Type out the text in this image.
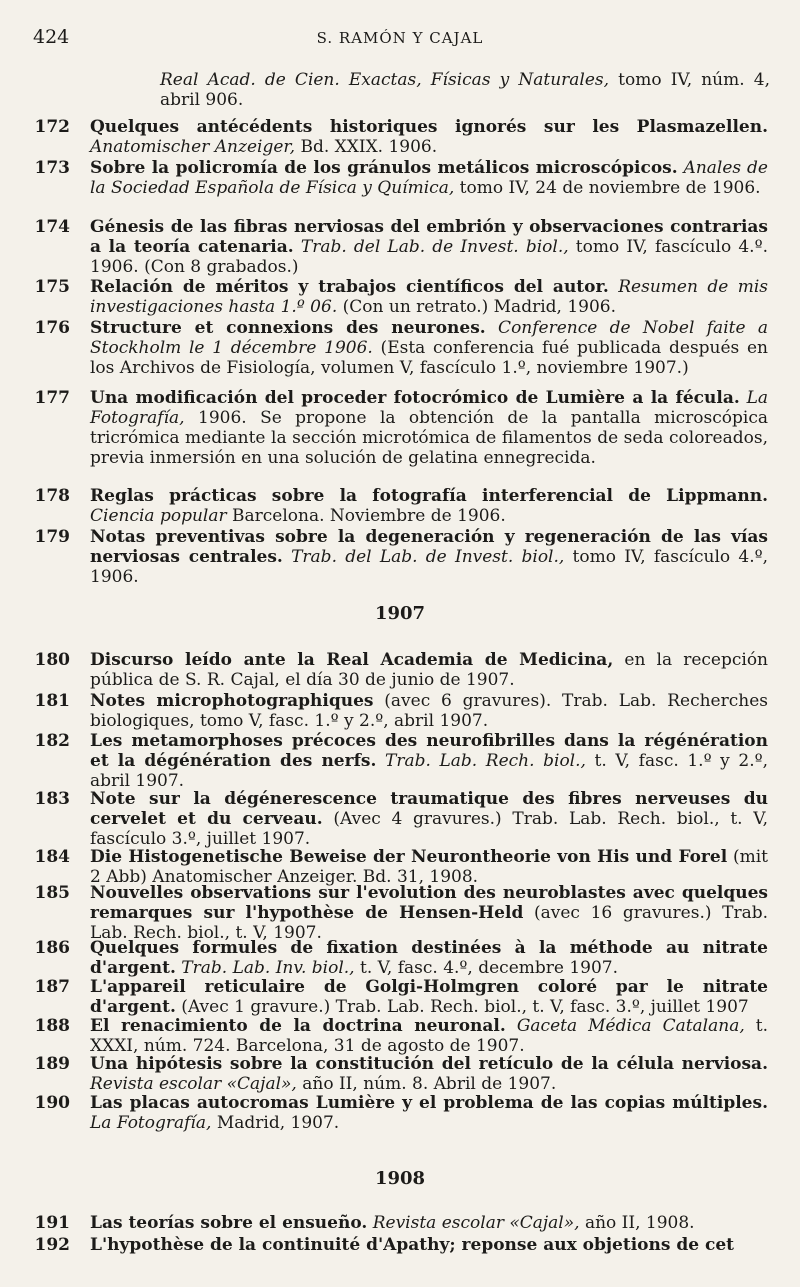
424	S. RAMÓN Y CAJAL
Real Acad. de Cien. Exactas, Físicas y Naturales, tomo IV, núm. 4, abril 906.
172 Quelques antécédents historiques ignorés sur les Plasmazellen. Anatomischer Anzeiger, Bd. XXIX. 1906.
173 Sobre la policromía de los gránulos metálicos microscópicos. Anales de la Sociedad Española de Física y Química, tomo IV, 24 de noviembre de 1906.
174 Génesis de las fibras nerviosas del embrión y observaciones contrarias a la teoría catenaria. Trab. del Lab. de Invest. biol., tomo IV, fascículo 4.º. 1906. (Con 8 grabados.)
175 Relación de méritos y trabajos científicos del autor. Resumen de mis investigaciones hasta 1.º 06. (Con un retrato.) Madrid, 1906.
176 Structure et connexions des neurones. Conference de Nobel faite a Stockholm le 1 décembre 1906. (Esta conferencia fué publicada después en los Archivos de Fisiología, volumen V, fascículo 1.º, noviembre 1907.)
177 Una modificación del proceder fotocrómico de Lumière a la fécula. La Fotografía, 1906. Se propone la obtención de la pantalla microscópica tricrómica mediante la sección microtómica de filamentos de seda coloreados, previa inmersión en una solución de gelatina ennegrecida.
178 Reglas prácticas sobre la fotografía interferencial de Lippmann. Ciencia popular Barcelona. Noviembre de 1906.
179 Notas preventivas sobre la degeneración y regeneración de las vías nerviosas centrales. Trab. del Lab. de Invest. biol., tomo IV, fascículo 4.º, 1906.
1907
180 Discurso leído ante la Real Academia de Medicina, en la recepción pública de S. R. Cajal, el día 30 de junio de 1907.
181 Notes microphotographiques (avec 6 gravures). Trab. Lab. Recherches biologiques, tomo V, fasc. 1.º y 2.º, abril 1907.
182 Les metamorphoses précoces des neurofibrilles dans la régénération et la dégénération des nerfs. Trab. Lab. Rech. biol., t. V, fasc. 1.º y 2.º, abril 1907.
183 Note sur la dégénerescence traumatique des fibres nerveuses du cervelet et du cerveau. (Avec 4 gravures.) Trab. Lab. Rech. biol., t. V, fascículo 3.º, juillet 1907.
184 Die Histogenetische Beweise der Neurontheorie von His und Forel (mit 2 Abb) Anatomischer Anzeiger. Bd. 31, 1908.
185 Nouvelles observations sur l'evolution des neuroblastes avec quelques remarques sur l'hypothèse de Hensen-Held (avec 16 gravures.) Trab. Lab. Rech. biol., t. V, 1907.
186 Quelques formules de fixation destinées à la méthode au nitrate d'argent. Trab. Lab. Inv. biol., t. V, fasc. 4.º, decembre 1907.
187 L'appareil reticulaire de Golgi-Holmgren coloré par le nitrate d'argent. (Avec 1 gravure.) Trab. Lab. Rech. biol., t. V, fasc. 3.º, juillet 1907
188 El renacimiento de la doctrina neuronal. Gaceta Médica Catalana, t. XXXI, núm. 724. Barcelona, 31 de agosto de 1907.
189 Una hipótesis sobre la constitución del retículo de la célula nerviosa. Revista escolar «Cajal», año II, núm. 8. Abril de 1907.
190 Las placas autocromas Lumière y el problema de las copias múltiples. La Fotografía, Madrid, 1907.
1908
191 Las teorías sobre el ensueño. Revista escolar «Cajal», año II, 1908.
192 L'hypothèse de la continuité d'Apathy; reponse aux objetions de cet
